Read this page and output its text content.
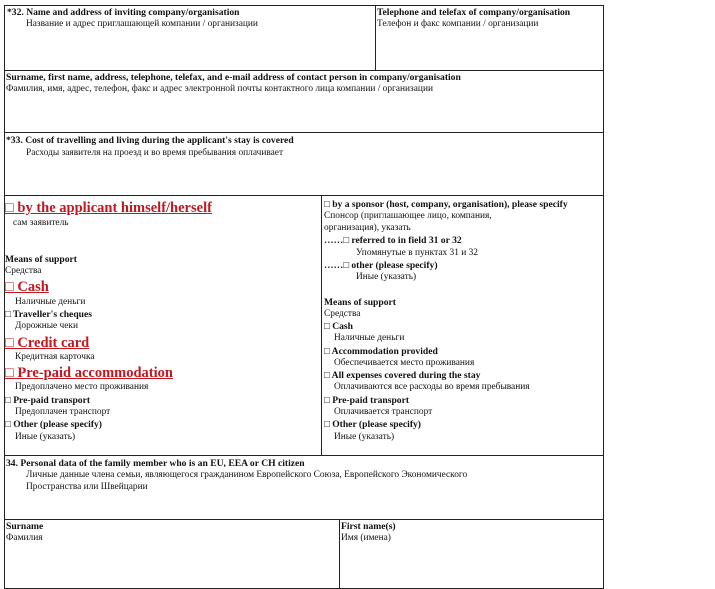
*32. Name and address of inviting company/organisation
Название и адрес приглашающей компании / организации
Telephone and telefax of company/organisation
Телефон и факс компании / организации
Surname, first name, address, telephone, telefax, and e-mail address of contact person in company/organisation
Фамилия, имя, адрес, телефон, факс и адрес электронной почты контактного лица компании / организации
*33. Cost of travelling and living during the applicant's stay is covered
Расходы заявителя на проезд и во время пребывания оплачивает
□ by the applicant himself/herself
сам заявитель
Means of support
Средства
□ Cash
Наличные деньги
□ Traveller's cheques
Дорожные чеки
□ Credit card
Кредитная карточка
□ Pre-paid accommodation
Предоплачено место проживания
□ Pre-paid transport
Предоплачен транспорт
□ Other (please specify)
Иные (указать)
□ by a sponsor (host, company, organisation), please specify
Спонсор (приглашающее лицо, компания,
организация), указать
……□ referred to in field 31 or 32
Упомянутые в пунктах 31 и 32
……□ other (please specify)
Иные (указать)
Means of support
Средства
□ Cash
Наличные деньги
□ Accommodation provided
Обеспечивается место проживания
□ All expenses covered during the stay
Оплачиваются все расходы во время пребывания
□ Pre-paid transport
Оплачивается транспорт
□ Other (please specify)
Иные (указать)
34. Personal data of the family member who is an EU, EEA or CH citizen
Личные данные члена семьи, являющегося гражданином Европейского Союза, Европейского Экономического
Пространства или Швейцарии
Surname
Фамилия
First name(s)
Имя (имена)
